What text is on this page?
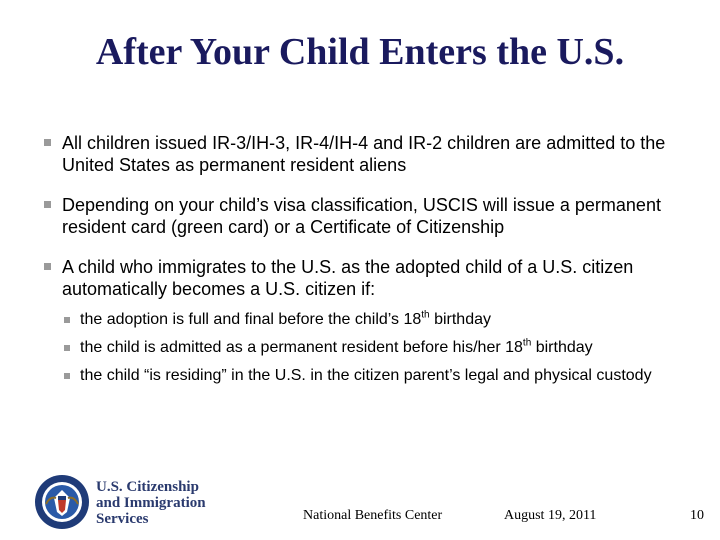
After Your Child Enters the U.S.
All children issued IR-3/IH-3, IR-4/IH-4 and IR-2 children are admitted to the United States as permanent resident aliens
Depending on your child’s visa classification, USCIS will issue a permanent resident card (green card) or a Certificate of Citizenship
A child who immigrates to the U.S. as the adopted child of a U.S. citizen automatically becomes a U.S. citizen if:
the adoption is full and final before the child’s 18th birthday
the child is admitted as a permanent resident before his/her 18th birthday
the child “is residing” in the U.S. in the citizen parent’s legal and physical custody
U.S. Citizenship
and Immigration
Services	National Benefits Center	August 19, 2011	10
